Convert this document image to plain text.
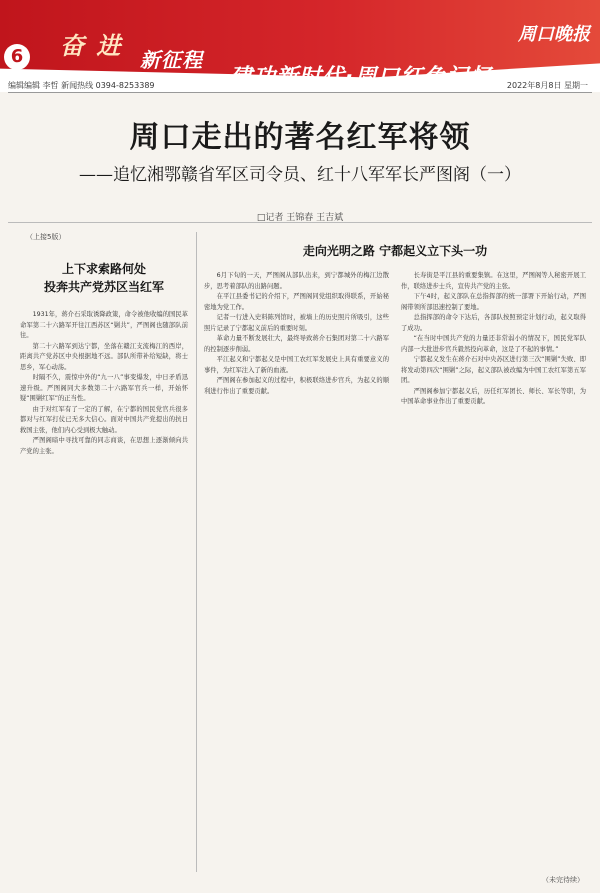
6 奋 进 新征程
建功新时代·周口红色记忆
周口晚报
编辑编辑 李哲 新闻热线 0394-8253389	2022年8月8日 星期一
周口走出的著名红军将领
——追忆湘鄂赣省军区司令员、红十八军军长严图阁（一）
□记者 王锦春 王吉斌
（上接5版）
上下求索路何处
投奔共产党苏区当红军

1931年，蒋介石采取诱降政策，命令被他收编的国民革命军第二十六路军开往江西苏区“剿共”，严图阁也随部队前往。

第二十六路军到达宁都，坐落在赣江支流梅江的西岸，距离共产党苏区中央根据地不远。部队所带补给短缺，将士思乡，军心动荡。

时隔不久，震惊中外的“九一八”事变爆发，中日矛盾迅速升级。严图阁同大多数第二十六路军官兵一样，开始怀疑“围剿红军”的正当性。

由于对红军有了一定的了解，在宁都的国民党官兵很多都对与红军打仗已无多大信心。面对中国共产党提出的抗日救国主张，他们内心受到极大触动。

严图阁暗中寻找可靠的同志商谈，在思想上逐渐倾向共产党的主张。

走向光明之路 宁都起义立下头一功

6月下旬的一天，严图阁从部队出来，到宁都城外的梅江边散步，思考着部队的出路问题。

在平江县委书记的介绍下，严图阁同党组织取得联系，开始秘密地为党工作。

记者一行进入史料陈列馆时，被墙上的历史照片所吸引，这些照片记录了宁都起义前后的重要时刻。

革命力量不断发展壮大，最终导致蒋介石集团对第二十六路军的控制逐步削弱。

平江起义和宁都起义是中国工农红军发展史上具有重要意义的事件，为红军注入了新的血液。

严图阁在参加起义的过程中，积极联络进步官兵，为起义的顺利进行作出了重要贡献。

长寿街是平江县的重要集镇。在这里，严图阁等人秘密开展工作，联络进步士兵，宣传共产党的主张。

下午4时，起义部队在总指挥部的统一部署下开始行动，严图阁带领所部迅速控制了要地。

总指挥部的命令下达后，各部队按照预定计划行动，起义取得了成功。

“在当时中国共产党的力量还非常弱小的情况下，国民党军队内部一大批进步官兵毅然投向革命，这是了不起的事情。”

宁都起义发生在蒋介石对中央苏区进行第三次“围剿”失败、即将发动第四次“围剿”之际，起义部队被改编为中国工农红军第五军团。

严图阁参加宁都起义后，历任红军团长、师长、军长等职，为中国革命事业作出了重要贡献。

（未完待续）
